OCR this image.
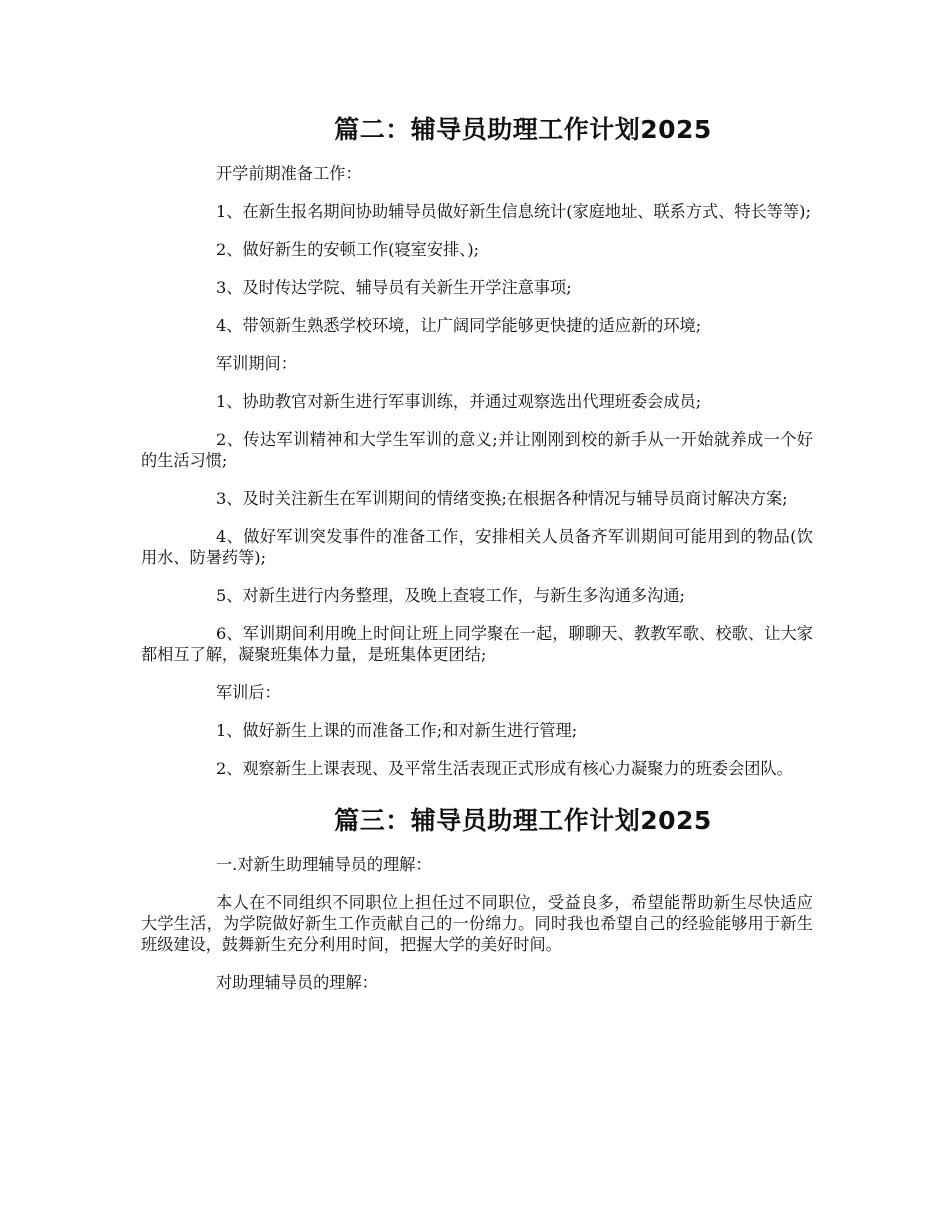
篇二：辅导员助理工作计划2025

开学前期准备工作：

1、在新生报名期间协助辅导员做好新生信息统计(家庭地址、联系方式、特长等等);

2、做好新生的安顿工作(寝室安排、);

3、及时传达学院、辅导员有关新生开学注意事项;

4、带领新生熟悉学校环境，让广阔同学能够更快捷的适应新的环境;

军训期间：

1、协助教官对新生进行军事训练，并通过观察选出代理班委会成员;

2、传达军训精神和大学生军训的意义;并让刚刚到校的新手从一开始就养成一个好的生活习惯;

3、及时关注新生在军训期间的情绪变换;在根据各种情况与辅导员商讨解决方案;

4、做好军训突发事件的准备工作，安排相关人员备齐军训期间可能用到的物品(饮用水、防暑药等);

5、对新生进行内务整理，及晚上查寝工作，与新生多沟通多沟通;

6、军训期间利用晚上时间让班上同学聚在一起，聊聊天、教教军歌、校歌、让大家都相互了解，凝聚班集体力量，是班集体更团结;

军训后：

1、做好新生上课的而准备工作;和对新生进行管理;

2、观察新生上课表现、及平常生活表现正式形成有核心力凝聚力的班委会团队。

篇三：辅导员助理工作计划2025

一.对新生助理辅导员的理解：

本人在不同组织不同职位上担任过不同职位，受益良多，希望能帮助新生尽快适应大学生活，为学院做好新生工作贡献自己的一份绵力。同时我也希望自己的经验能够用于新生班级建设，鼓舞新生充分利用时间，把握大学的美好时间。

对助理辅导员的理解：
